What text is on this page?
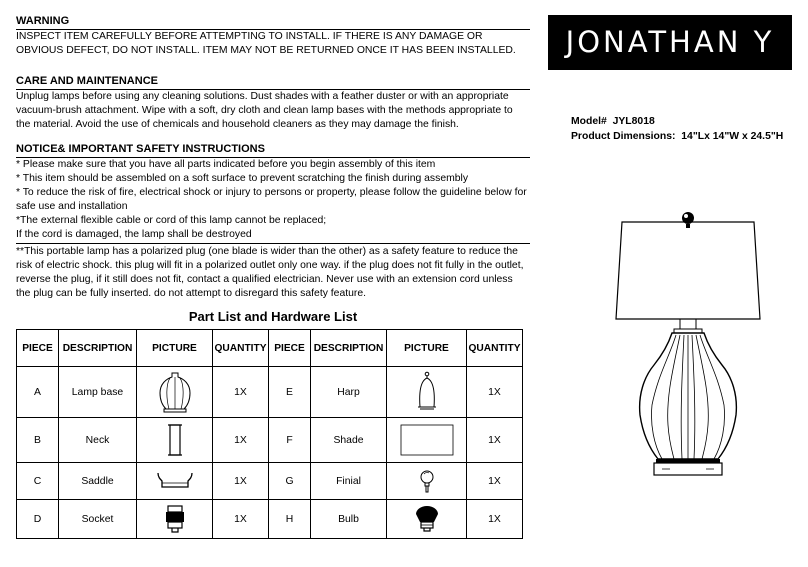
WARNING

INSPECT ITEM CAREFULLY BEFORE ATTEMPTING TO INSTALL. IF THERE IS ANY DAMAGE OR OBVIOUS DEFECT, DO NOT INSTALL. ITEM MAY NOT BE RETURNED ONCE IT HAS BEEN INSTALLED.

CARE AND MAINTENANCE

Unplug lamps before using any cleaning solutions. Dust shades with a feather duster or with an appropriate vacuum-brush attachment. Wipe with a soft, dry cloth and clean lamp bases with the methods appropriate to the material. Avoid the use of chemicals and household cleaners as they may damage the finish.

NOTICE& IMPORTANT SAFETY INSTRUCTIONS

* Please make sure that you have all parts indicated before you begin assembly of this item

* This item should be assembled on a soft surface to prevent scratching the finish during assembly

* To reduce the risk of fire, electrical shock or injury to persons or property, please follow the guideline below for safe use and installation

*The external flexible cable or cord of this lamp cannot be replaced;

If the cord is damaged, the lamp shall be destroyed

**This portable lamp has a polarized plug (one blade is wider than the other) as a safety feature to reduce the risk of electric shock. this plug will fit in a polarized outlet only one way. if the plug does not fit fully in the outlet, reverse the plug, if it still does not fit, contact a qualified electrician. Never use with an extension cord unless the plug can be fully inserted. do not attempt to disregard this safety feature.

Part List and Hardware List
PIECE	DESCRIPTION	PICTURE	QUANTITY	PIECE	DESCRIPTION	PICTURE	QUANTITY
A	Lamp base		1X	E	Harp		1X
B	Neck		1X	F	Shade		1X
C	Saddle		1X	G	Finial		1X
D	Socket		1X	H	Bulb		1X
JONATHAN Y
Model# JYL8018
Product Dimensions: 14"Lx 14"W x 24.5"H
